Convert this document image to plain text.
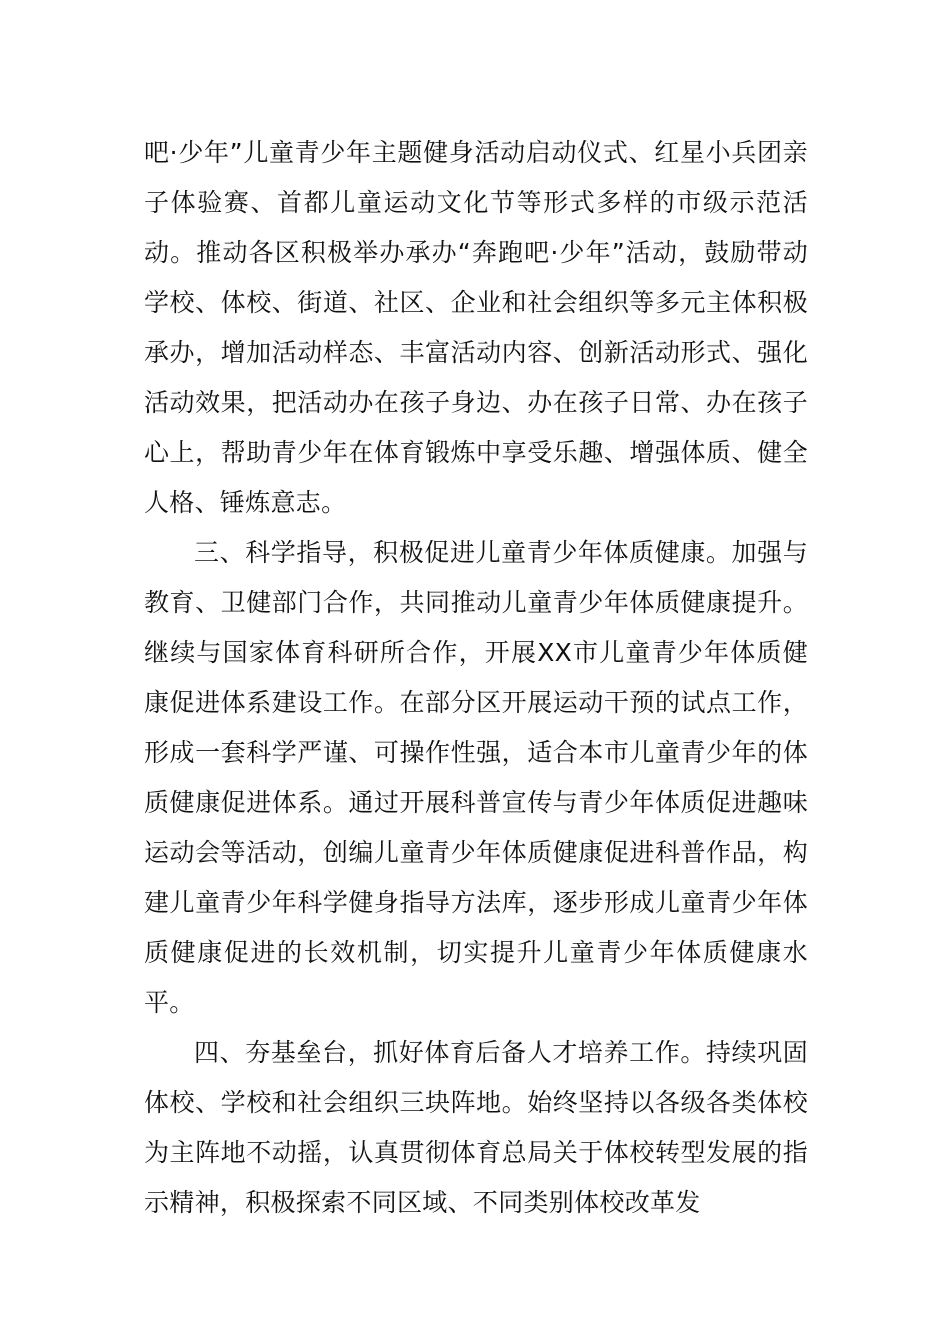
吧·少年”儿童青少年主题健身活动启动仪式、红星小兵团亲子体验赛、首都儿童运动文化节等形式多样的市级示范活动。推动各区积极举办承办“奔跑吧·少年”活动，鼓励带动学校、体校、街道、社区、企业和社会组织等多元主体积极承办，增加活动样态、丰富活动内容、创新活动形式、强化活动效果，把活动办在孩子身边、办在孩子日常、办在孩子心上，帮助青少年在体育锻炼中享受乐趣、增强体质、健全人格、锤炼意志。

三、科学指导，积极促进儿童青少年体质健康。加强与教育、卫健部门合作，共同推动儿童青少年体质健康提升。继续与国家体育科研所合作，开展XX市儿童青少年体质健康促进体系建设工作。在部分区开展运动干预的试点工作，形成一套科学严谨、可操作性强，适合本市儿童青少年的体质健康促进体系。通过开展科普宣传与青少年体质促进趣味运动会等活动，创编儿童青少年体质健康促进科普作品，构建儿童青少年科学健身指导方法库，逐步形成儿童青少年体质健康促进的长效机制，切实提升儿童青少年体质健康水平。

四、夯基垒台，抓好体育后备人才培养工作。持续巩固体校、学校和社会组织三块阵地。始终坚持以各级各类体校为主阵地不动摇，认真贯彻体育总局关于体校转型发展的指示精神，积极探索不同区域、不同类别体校改革发
